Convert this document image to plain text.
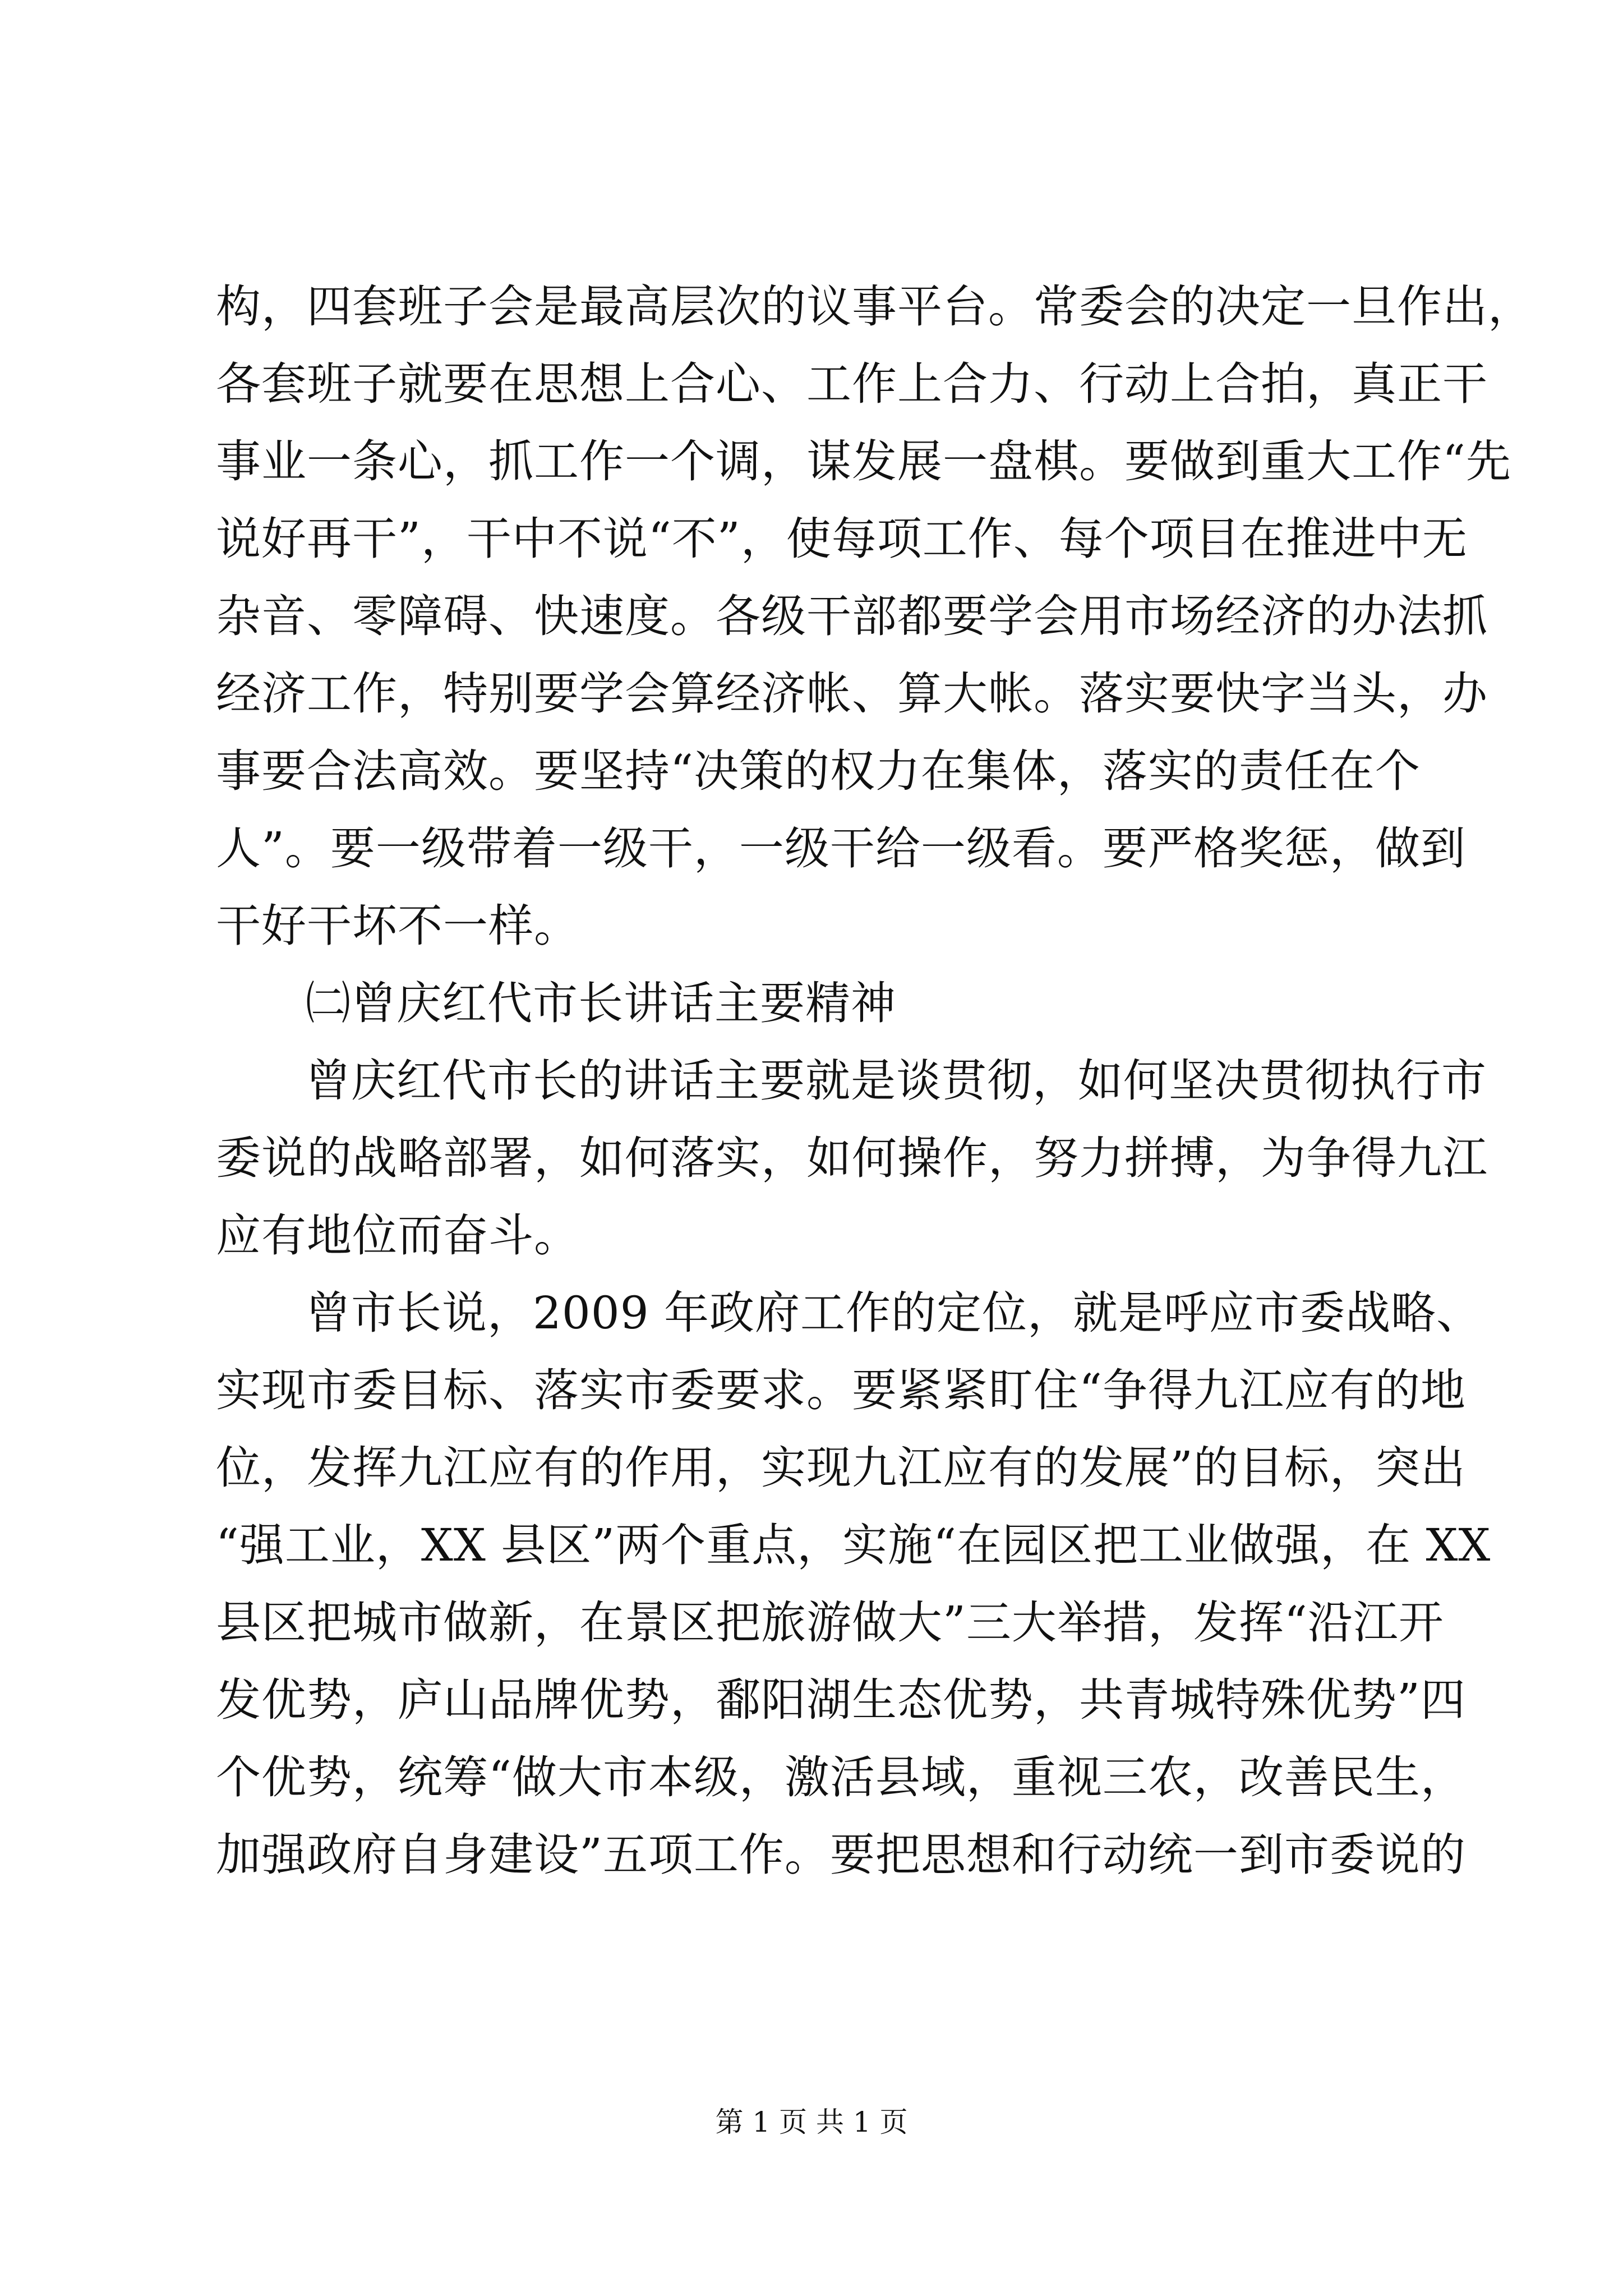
构，四套班子会是最高层次的议事平台。常委会的决定一旦作出，
各套班子就要在思想上合心、工作上合力、行动上合拍，真正干
事业一条心，抓工作一个调，谋发展一盘棋。要做到重大工作“先
说好再干”，干中不说“不”，使每项工作、每个项目在推进中无
杂音、零障碍、快速度。各级干部都要学会用市场经济的办法抓
经济工作，特别要学会算经济帐、算大帐。落实要快字当头，办
事要合法高效。要坚持“决策的权力在集体，落实的责任在个
人”。要一级带着一级干，一级干给一级看。要严格奖惩，做到
干好干坏不一样。
㈡曾庆红代市长讲话主要精神
曾庆红代市长的讲话主要就是谈贯彻，如何坚决贯彻执行市
委说的战略部署，如何落实，如何操作，努力拼搏，为争得九江
应有地位而奋斗。
曾市长说，2009 年政府工作的定位，就是呼应市委战略、
实现市委目标、落实市委要求。要紧紧盯住“争得九江应有的地
位，发挥九江应有的作用，实现九江应有的发展”的目标，突出
“强工业，XX 县区”两个重点，实施“在园区把工业做强，在 XX
县区把城市做新，在景区把旅游做大”三大举措，发挥“沿江开
发优势，庐山品牌优势，鄱阳湖生态优势，共青城特殊优势”四
个优势，统筹“做大市本级，激活县域，重视三农，改善民生，
加强政府自身建设”五项工作。要把思想和行动统一到市委说的
第 1 页 共 1 页
